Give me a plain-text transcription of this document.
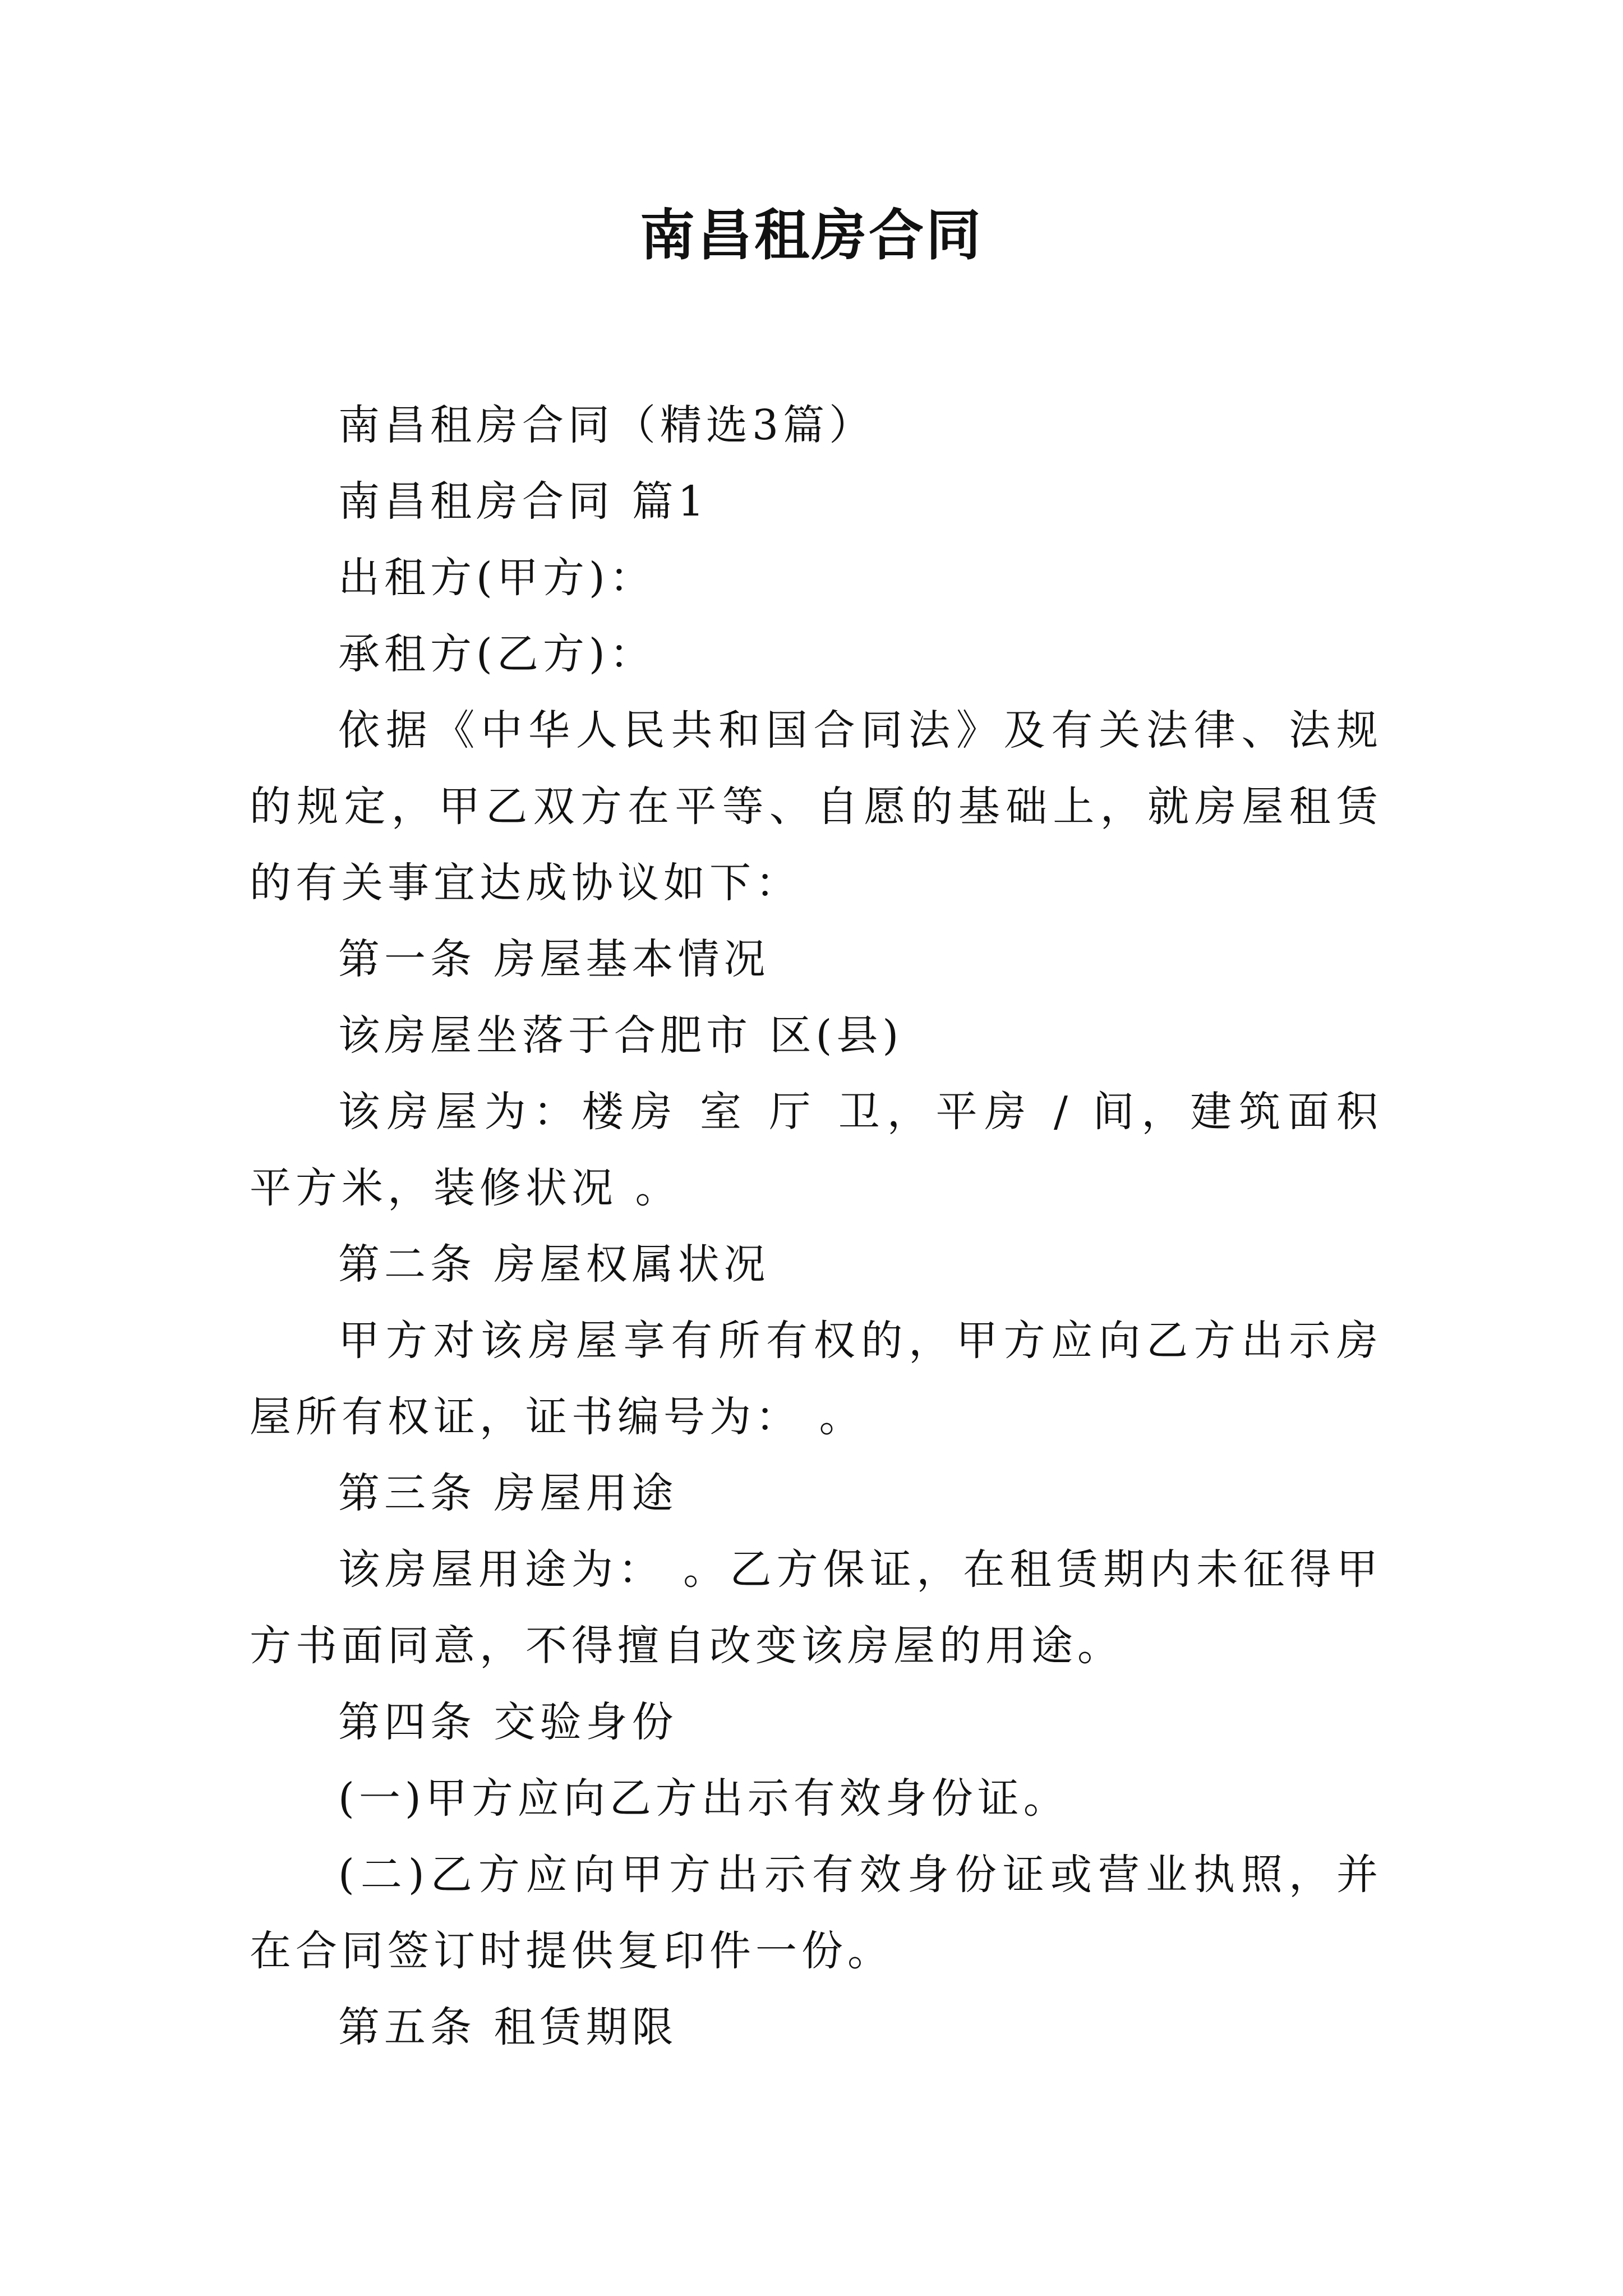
南昌租房合同

南昌租房合同（精选3篇）

南昌租房合同 篇1

出租方(甲方)：

承租方(乙方)：

依据《中华人民共和国合同法》及有关法律、法规的规定，甲乙双方在平等、自愿的基础上，就房屋租赁的有关事宜达成协议如下：

第一条 房屋基本情况

该房屋坐落于合肥市 区(县)

该房屋为：楼房 室 厅 卫，平房 / 间，建筑面积 平方米，装修状况 。

第二条 房屋权属状况

甲方对该房屋享有所有权的，甲方应向乙方出示房屋所有权证，证书编号为： 。

第三条 房屋用途

该房屋用途为： 。乙方保证，在租赁期内未征得甲方书面同意，不得擅自改变该房屋的用途。

第四条 交验身份

(一)甲方应向乙方出示有效身份证。

(二)乙方应向甲方出示有效身份证或营业执照，并在合同签订时提供复印件一份。

第五条 租赁期限
